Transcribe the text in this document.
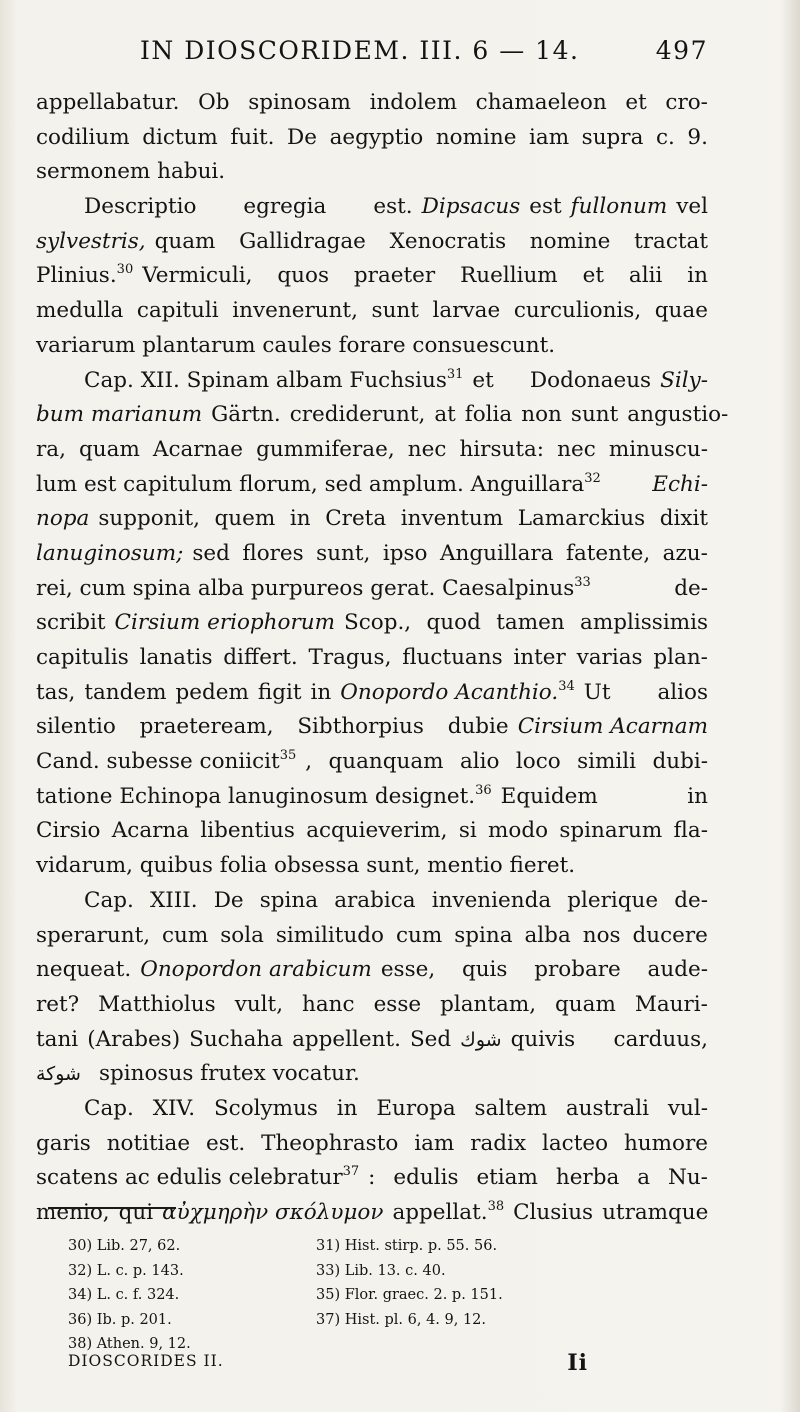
IN DIOSCORIDEM. III. 6 — 14.	497
appellabatur. Ob spinosam indolem chamaeleon et cro-
codilium dictum fuit. De aegyptio nomine iam supra c. 9.
sermonem habui.
Descriptio egregia est. Dipsacus est fullonum vel
sylvestris, quam Gallidragae Xenocratis nomine tractat
Plinius.$^{30}$ Vermiculi, quos praeter Ruellium et alii in
medulla capituli invenerunt, sunt larvae curculionis, quae
variarum plantarum caules forare consuescunt.
Cap. XII. Spinam albam Fuchsius$^{31}$ et Dodonaeus Sily-
bum marianum Gärtn. crediderunt, at folia non sunt angustio-
ra, quam Acarnae gummiferae, nec hirsuta: nec minuscu-
lum est capitulum florum, sed amplum. Anguillara$^{32}$ Echi-
nopa supponit, quem in Creta inventum Lamarckius dixit
lanuginosum; sed flores sunt, ipso Anguillara fatente, azu-
rei, cum spina alba purpureos gerat. Caesalpinus$^{33}$	de-
scribit Cirsium eriophorum Scop., quod tamen amplissimis
capitulis lanatis differt. Tragus, fluctuans inter varias plan-
tas, tandem pedem figit in Onopordo Acanthio.$^{34}$ Ut alios
silentio praeteream, Sibthorpius dubie Cirsium Acarnam
Cand. subesse coniicit$^{35}$ , quanquam alio loco simili dubi-
tatione Echinopa lanuginosum designet.$^{36}$ Equidem	in
Cirsio Acarna libentius acquieverim, si modo spinarum fla-
vidarum, quibus folia obsessa sunt, mentio fieret.
Cap. XIII. De spina arabica invenienda plerique de-
sperarunt, cum sola similitudo cum spina alba nos ducere
nequeat. Onopordon arabicum esse, quis probare aude-
ret? Matthiolus vult, hanc esse plantam, quam Mauri-
tani (Arabes) Suchaha appellent. Sed شوك quivis carduus,
شوكة spinosus frutex vocatur.
Cap. XIV. Scolymus in Europa saltem australi vul-
garis notitiae est. Theophrasto iam radix lacteo humore
scatens ac edulis celebratur$^{37}$ : edulis etiam herba a Nu-
menio, qui αὐχμηρὴν σκόλυμον appellat.$^{38}$ Clusius utramque
30) Lib. 27, 62.	31) Hist. stirp. p. 55. 56.
32) L. c. p. 143.	33) Lib. 13. c. 40.
34) L. c. f. 324.	35) Flor. graec. 2. p. 151.
36) Ib. p. 201.	37) Hist. pl. 6, 4. 9, 12.
38) Athen. 9, 12.
DIOSCORIDES II.	Ii
